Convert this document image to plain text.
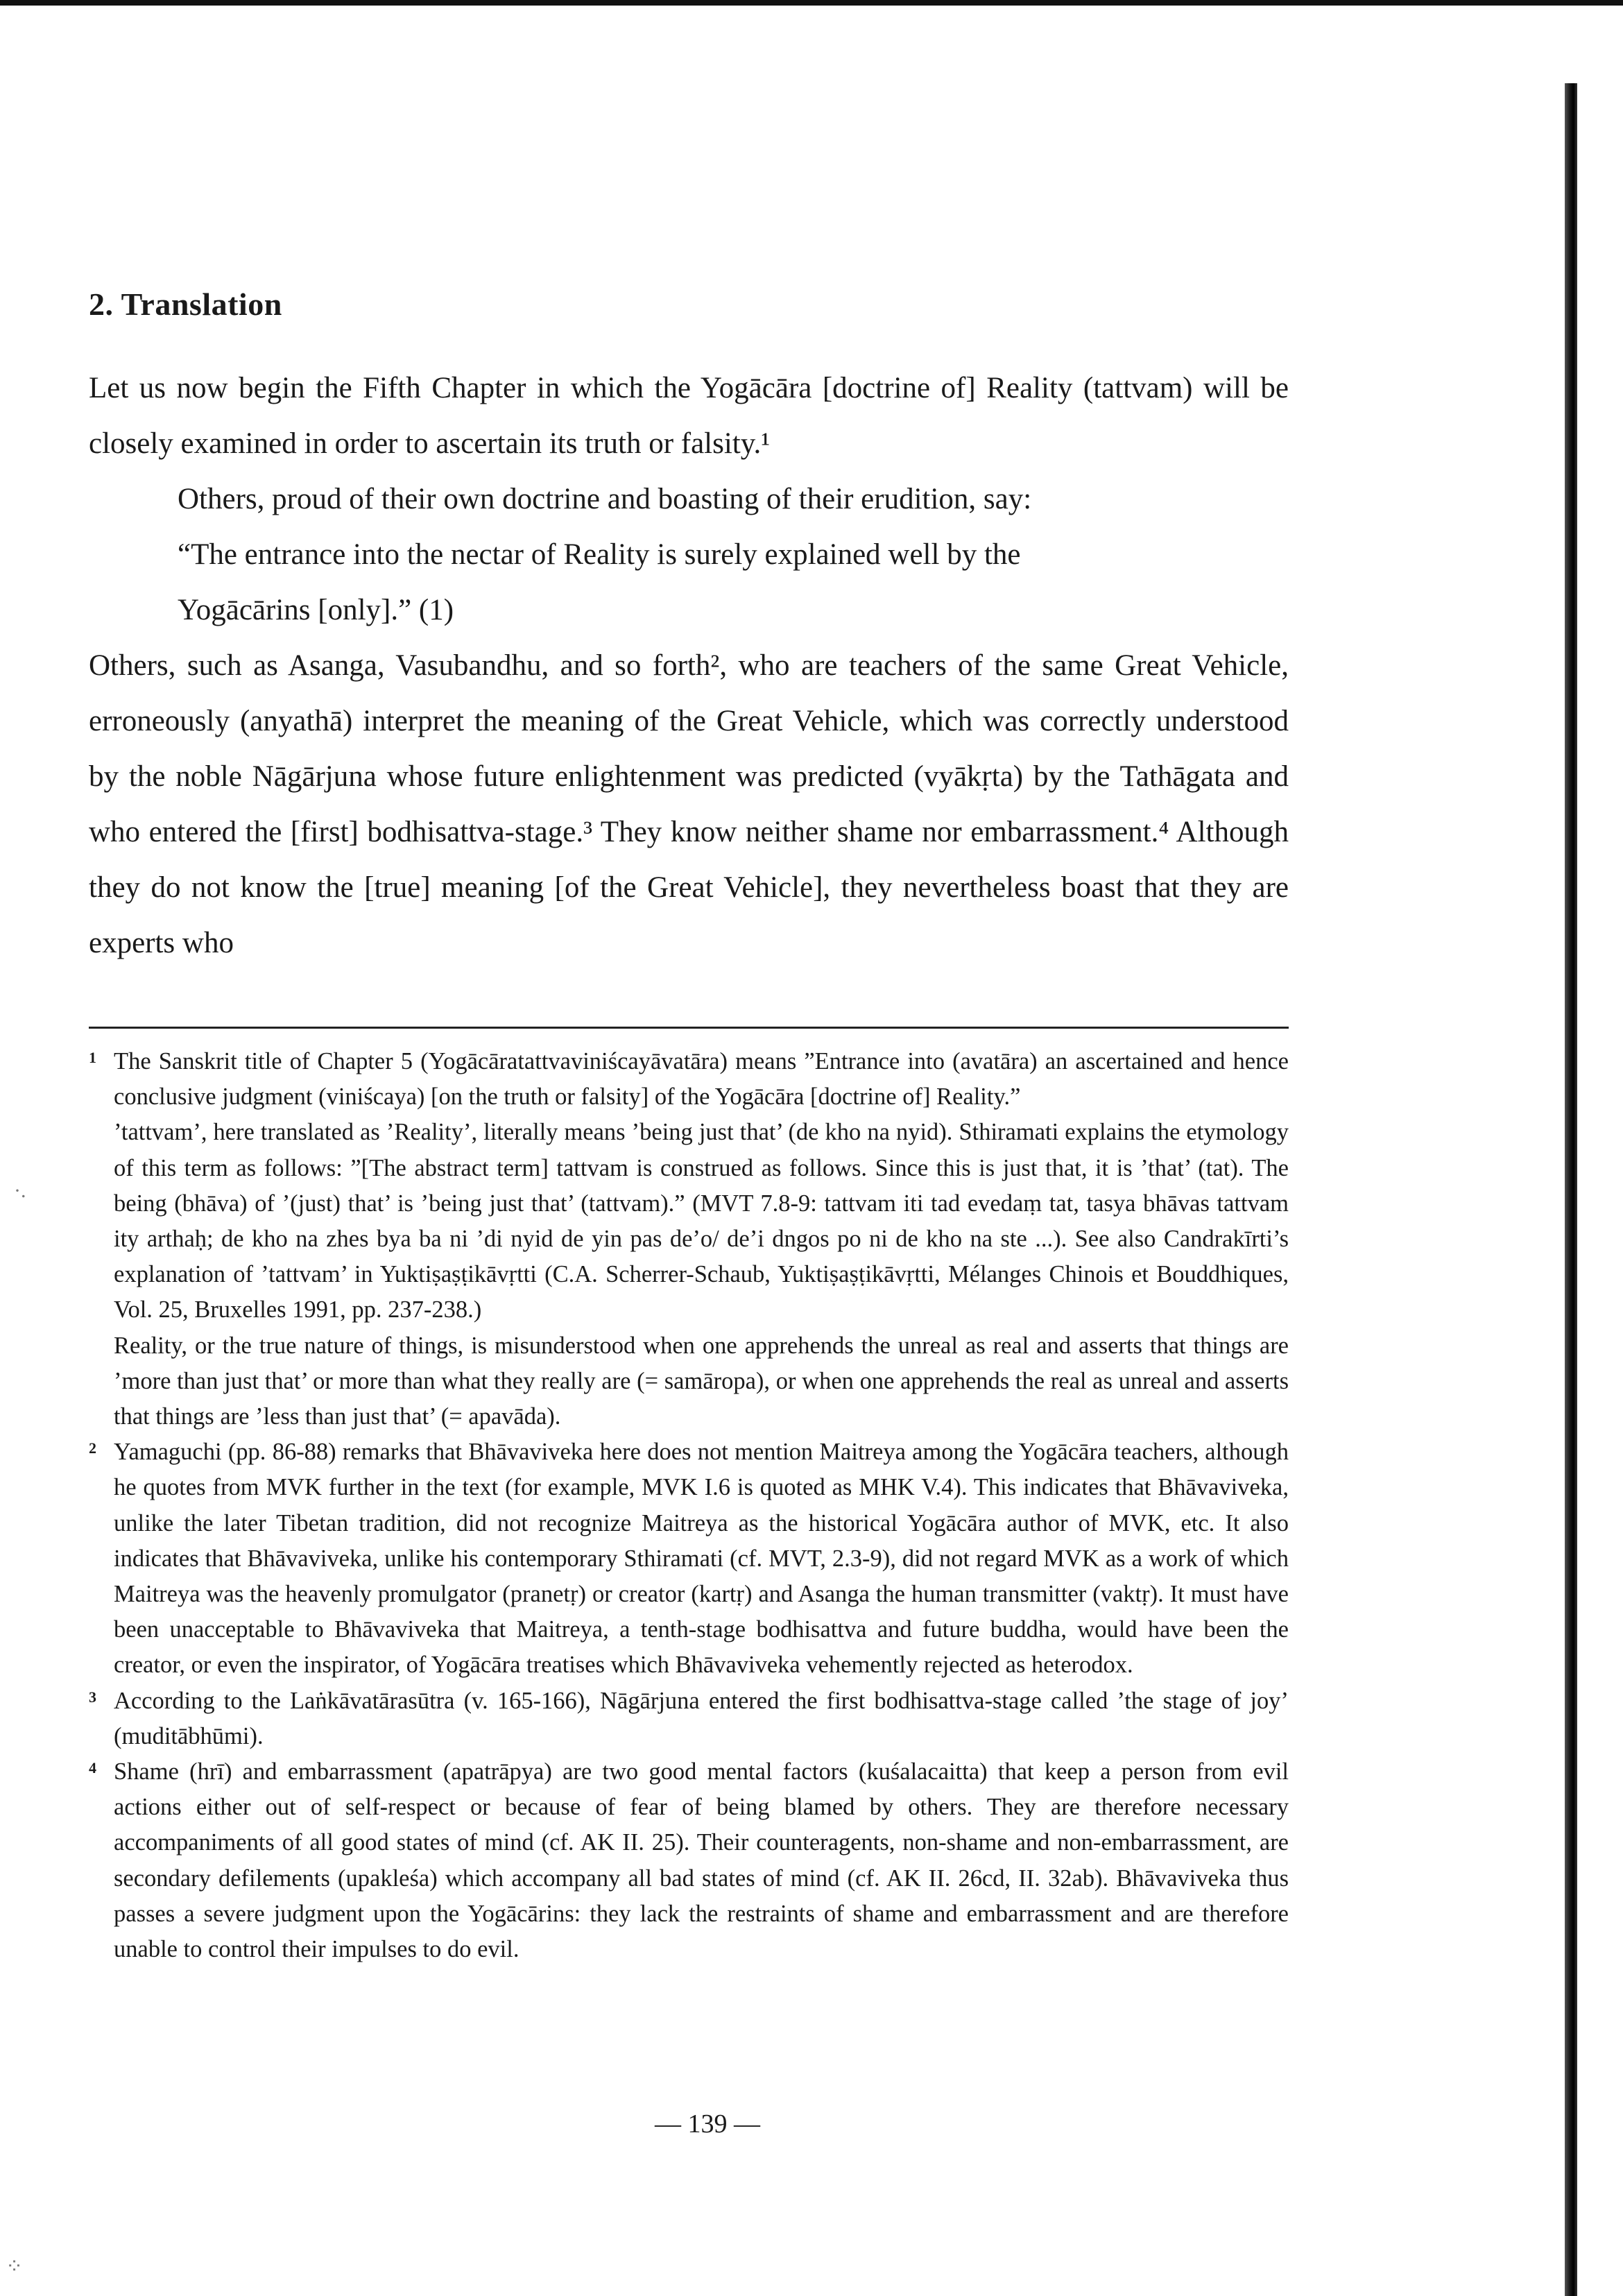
2. Translation

Let us now begin the Fifth Chapter in which the Yogācāra [doctrine of] Reality (tattvam) will be closely examined in order to ascertain its truth or falsity.¹

Others, proud of their own doctrine and boasting of their erudition, say:

“The entrance into the nectar of Reality is surely explained well by the

Yogācārins [only].” (1)

Others, such as Asanga, Vasubandhu, and so forth², who are teachers of the same Great Vehicle, erroneously (anyathā) interpret the meaning of the Great Vehicle, which was correctly understood by the noble Nāgārjuna whose future enlightenment was predicted (vyākṛta) by the Tathāgata and who entered the [first] bodhisattva-stage.³ They know neither shame nor embarrassment.⁴ Although they do not know the [true] meaning [of the Great Vehicle], they nevertheless boast that they are experts who

1 The Sanskrit title of Chapter 5 (Yogācāratattvaviniścayāvatāra) means ”Entrance into (avatāra) an ascertained and hence conclusive judgment (viniścaya) [on the truth or falsity] of the Yogācāra [doctrine of] Reality.”

’tattvam’, here translated as ’Reality’, literally means ’being just that’ (de kho na nyid). Sthiramati explains the etymology of this term as follows: ”[The abstract term] tattvam is construed as follows. Since this is just that, it is ’that’ (tat). The being (bhāva) of ’(just) that’ is ’being just that’ (tattvam).” (MVT 7.8-9: tattvam iti tad evedaṃ tat, tasya bhāvas tattvam ity arthaḥ; de kho na zhes bya ba ni ’di nyid de yin pas de’o/ de’i dngos po ni de kho na ste ...). See also Candrakīrti’s explanation of ’tattvam’ in Yuktiṣaṣṭikāvṛtti (C.A. Scherrer-Schaub, Yuktiṣaṣṭikāvṛtti, Mélanges Chinois et Bouddhiques, Vol. 25, Bruxelles 1991, pp. 237-238.)

Reality, or the true nature of things, is misunderstood when one apprehends the unreal as real and asserts that things are ’more than just that’ or more than what they really are (= samāropa), or when one apprehends the real as unreal and asserts that things are ’less than just that’ (= apavāda).

2 Yamaguchi (pp. 86-88) remarks that Bhāvaviveka here does not mention Maitreya among the Yogācāra teachers, although he quotes from MVK further in the text (for example, MVK I.6 is quoted as MHK V.4). This indicates that Bhāvaviveka, unlike the later Tibetan tradition, did not recognize Maitreya as the historical Yogācāra author of MVK, etc. It also indicates that Bhāvaviveka, unlike his contemporary Sthiramati (cf. MVT, 2.3-9), did not regard MVK as a work of which Maitreya was the heavenly promulgator (pranetṛ) or creator (kartṛ) and Asanga the human transmitter (vaktṛ). It must have been unacceptable to Bhāvaviveka that Maitreya, a tenth-stage bodhisattva and future buddha, would have been the creator, or even the inspirator, of Yogācāra treatises which Bhāvaviveka vehemently rejected as heterodox.

3 According to the Laṅkāvatārasūtra (v. 165-166), Nāgārjuna entered the first bodhisattva-stage called ’the stage of joy’ (muditābhūmi).

4 Shame (hrī) and embarrassment (apatrāpya) are two good mental factors (kuśalacaitta) that keep a person from evil actions either out of self-respect or because of fear of being blamed by others. They are therefore necessary accompaniments of all good states of mind (cf. AK II. 25). Their counteragents, non-shame and non-embarrassment, are secondary defilements (upakleśa) which accompany all bad states of mind (cf. AK II. 26cd, II. 32ab). Bhāvaviveka thus passes a severe judgment upon the Yogācārins: they lack the restraints of shame and embarrassment and are therefore unable to control their impulses to do evil.

— 139 —
·.
⁘
